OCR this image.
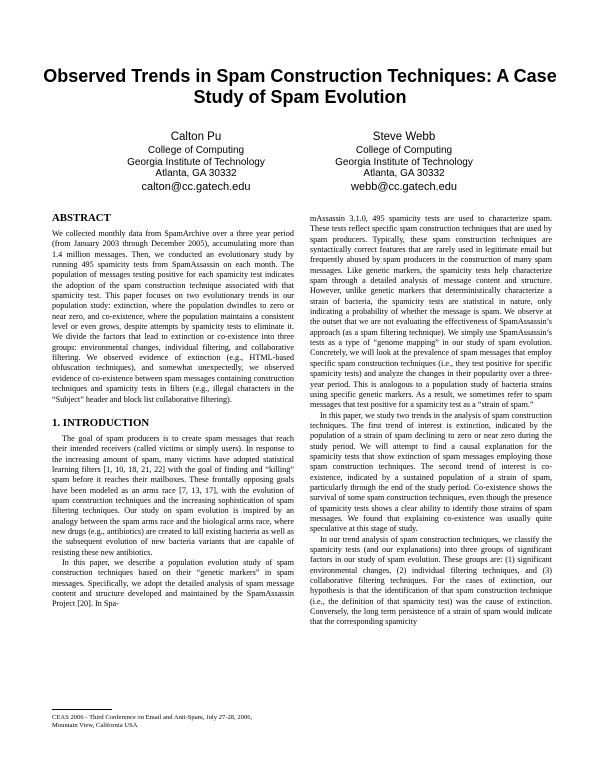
Observed Trends in Spam Construction Techniques: A Case Study of Spam Evolution
Calton Pu
College of Computing
Georgia Institute of Technology
Atlanta, GA 30332
calton@cc.gatech.edu
Steve Webb
College of Computing
Georgia Institute of Technology
Atlanta, GA 30332
webb@cc.gatech.edu
ABSTRACT

We collected monthly data from SpamArchive over a three year period (from January 2003 through December 2005), accumulating more than 1.4 million messages. Then, we conducted an evolutionary study by running 495 spamicity tests from SpamAssassin on each month. The population of messages testing positive for each spamicity test indicates the adoption of the spam construction technique associated with that spamicity test. This paper focuses on two evolutionary trends in our population study: extinction, where the population dwindles to zero or near zero, and co-existence, where the population maintains a consistent level or even grows, despite attempts by spamicity tests to eliminate it. We divide the factors that lead to extinction or co-existence into three groups: environmental changes, individual filtering, and collaborative filtering. We observed evidence of extinction (e.g., HTML-based obfuscation techniques), and somewhat unexpectedly, we observed evidence of co-existence between spam messages containing construction techniques and spamicity tests in filters (e.g., illegal characters in the “Subject” header and block list collaborative filtering).

1. INTRODUCTION

The goal of spam producers is to create spam messages that reach their intended receivers (called victims or simply users). In response to the increasing amount of spam, many victims have adopted statistical learning filters [1, 10, 18, 21, 22] with the goal of finding and “killing” spam before it reaches their mailboxes. These frontally opposing goals have been modeled as an arms race [7, 13, 17], with the evolution of spam construction techniques and the increasing sophistication of spam filtering techniques. Our study on spam evolution is inspired by an analogy between the spam arms race and the biological arms race, where new drugs (e.g., antibiotics) are created to kill existing bacteria as well as the subsequent evolution of new bacteria variants that are capable of resisting these new antibiotics.

In this paper, we describe a population evolution study of spam construction techniques based on their “genetic markers” in spam messages. Specifically, we adopt the detailed analysis of spam message content and structure developed and maintained by the SpamAssassin Project [20]. In Spa-

mAssassin 3.1.0, 495 spamicity tests are used to characterize spam. These tests reflect specific spam construction techniques that are used by spam producers. Typically, these spam construction techniques are syntactically correct features that are rarely used in legitimate email but frequently abused by spam producers in the construction of many spam messages. Like genetic markers, the spamicity tests help characterize spam through a detailed analysis of message content and structure. However, unlike genetic markers that deterministically characterize a strain of bacteria, the spamicity tests are statistical in nature, only indicating a probability of whether the message is spam. We observe at the outset that we are not evaluating the effectiveness of SpamAssassin’s approach (as a spam filtering technique). We simply use SpamAssassin’s tests as a type of “genome mapping” in our study of spam evolution. Concretely, we will look at the prevalence of spam messages that employ specific spam construction techniques (i.e., they test positive for specific spamicity tests) and analyze the changes in their popularity over a three-year period. This is analogous to a population study of bacteria strains using specific genetic markers. As a result, we sometimes refer to spam messages that test positive for a spamicity test as a “strain of spam.”

In this paper, we study two trends in the analysis of spam construction techniques. The first trend of interest is extinction, indicated by the population of a strain of spam declining to zero or near zero during the study period. We will attempt to find a causal explanation for the spamicity tests that show extinction of spam messages employing those spam construction techniques. The second trend of interest is co-existence, indicated by a sustained population of a strain of spam, particularly through the end of the study period. Co-existence shows the survival of some spam construction techniques, even though the presence of spamicity tests shows a clear ability to identify those strains of spam messages. We found that explaining co-existence was usually quite speculative at this stage of study.

In our trend analysis of spam construction techniques, we classify the spamicity tests (and our explanations) into three groups of significant factors in our study of spam evolution. These groups are: (1) significant environmental changes, (2) individual filtering techniques, and (3) collaborative filtering techniques. For the cases of extinction, our hypothesis is that the identification of that spam construction technique (i.e., the definition of that spamicity test) was the cause of extinction. Conversely, the long term persistence of a strain of spam would indicate that the corresponding spamicity

CEAS 2006 - Third Conference on Email and Anti-Spam, July 27-28, 2006,
Mountain View, California USA
